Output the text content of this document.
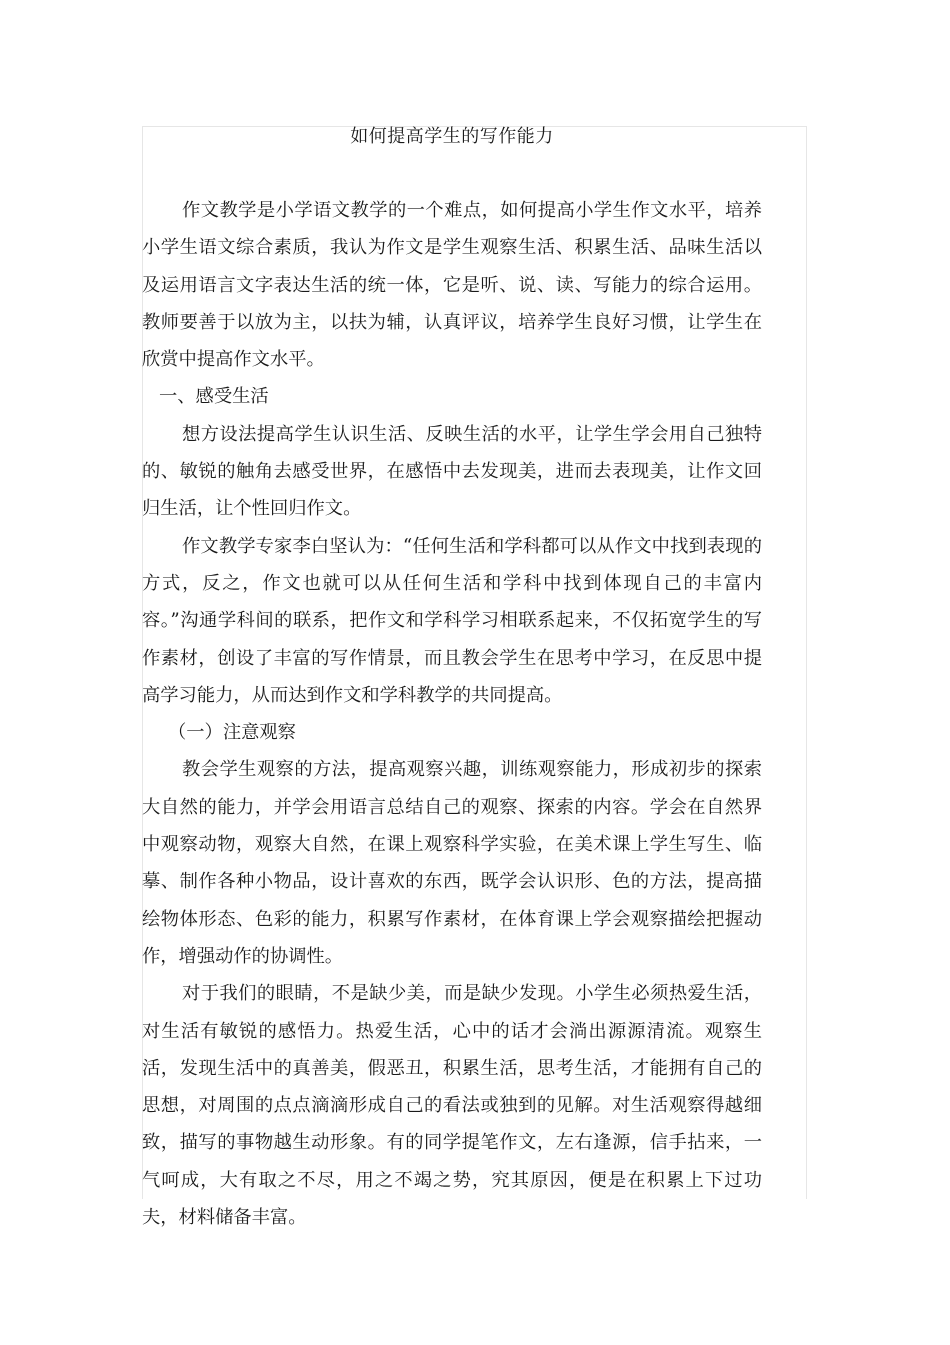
如何提高学生的写作能力

作文教学是小学语文教学的一个难点，如何提高小学生作文水平，培养小学生语文综合素质，我认为作文是学生观察生活、积累生活、品味生活以及运用语言文字表达生活的统一体，它是听、说、读、写能力的综合运用。教师要善于以放为主，以扶为辅，认真评议，培养学生良好习惯，让学生在欣赏中提高作文水平。

一、感受生活

想方设法提高学生认识生活、反映生活的水平，让学生学会用自己独特的、敏锐的触角去感受世界，在感悟中去发现美，进而去表现美，让作文回归生活，让个性回归作文。

作文教学专家李白坚认为：“任何生活和学科都可以从作文中找到表现的方式，反之，作文也就可以从任何生活和学科中找到体现自己的丰富内容。”沟通学科间的联系，把作文和学科学习相联系起来，不仅拓宽学生的写作素材，创设了丰富的写作情景，而且教会学生在思考中学习，在反思中提高学习能力，从而达到作文和学科教学的共同提高。

（一）注意观察

教会学生观察的方法，提高观察兴趣，训练观察能力，形成初步的探索大自然的能力，并学会用语言总结自己的观察、探索的内容。学会在自然界中观察动物，观察大自然，在课上观察科学实验，在美术课上学生写生、临摹、制作各种小物品，设计喜欢的东西，既学会认识形、色的方法，提高描绘物体形态、色彩的能力，积累写作素材，在体育课上学会观察描绘把握动作，增强动作的协调性。

对于我们的眼睛，不是缺少美，而是缺少发现。小学生必须热爱生活，对生活有敏锐的感悟力。热爱生活，心中的话才会淌出源源清流。观察生活，发现生活中的真善美，假恶丑，积累生活，思考生活，才能拥有自己的思想，对周围的点点滴滴形成自己的看法或独到的见解。对生活观察得越细致，描写的事物越生动形象。有的同学提笔作文，左右逢源，信手拈来，一气呵成，大有取之不尽，用之不竭之势，究其原因，便是在积累上下过功夫，材料储备丰富。
